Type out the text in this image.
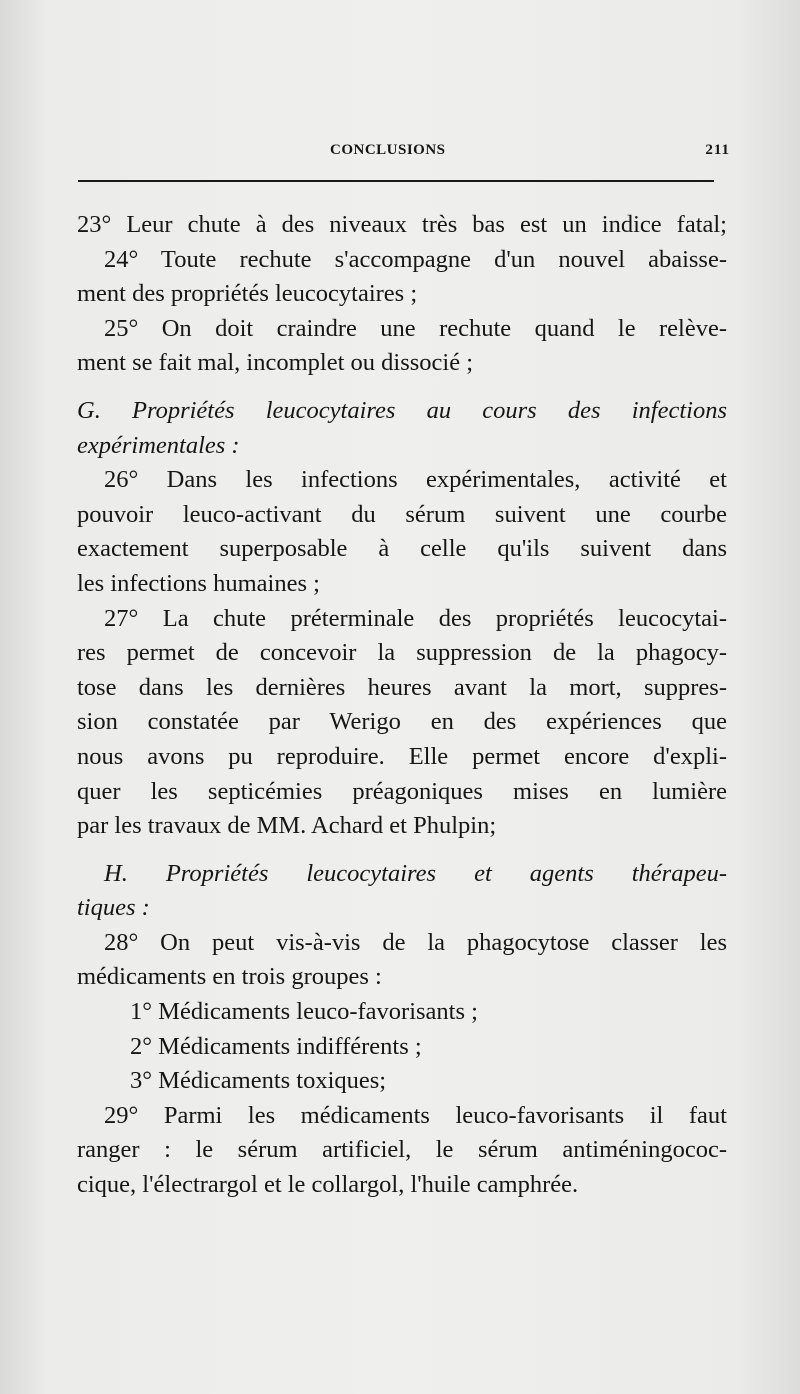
CONCLUSIONS	211
23° Leur chute à des niveaux très bas est un indice fatal;
24° Toute rechute s'accompagne d'un nouvel abaisse-
ment des propriétés leucocytaires ;
25° On doit craindre une rechute quand le relève-
ment se fait mal, incomplet ou dissocié ;
G. Propriétés leucocytaires au cours des infections
expérimentales :
26° Dans les infections expérimentales, activité et
pouvoir leuco-activant du sérum suivent une courbe
exactement superposable à celle qu'ils suivent dans
les infections humaines ;
27° La chute préterminale des propriétés leucocytai-
res permet de concevoir la suppression de la phagocy-
tose dans les dernières heures avant la mort, suppres-
sion constatée par Werigo en des expériences que
nous avons pu reproduire. Elle permet encore d'expli-
quer les septicémies préagoniques mises en lumière
par les travaux de MM. Achard et Phulpin;
H. Propriétés leucocytaires et agents thérapeu-
tiques :
28° On peut vis-à-vis de la phagocytose classer les
médicaments en trois groupes :
1° Médicaments leuco-favorisants ;
2° Médicaments indifférents ;
3° Médicaments toxiques;
29° Parmi les médicaments leuco-favorisants il faut
ranger : le sérum artificiel, le sérum antiméningococ-
cique, l'électrargol et le collargol, l'huile camphrée.
